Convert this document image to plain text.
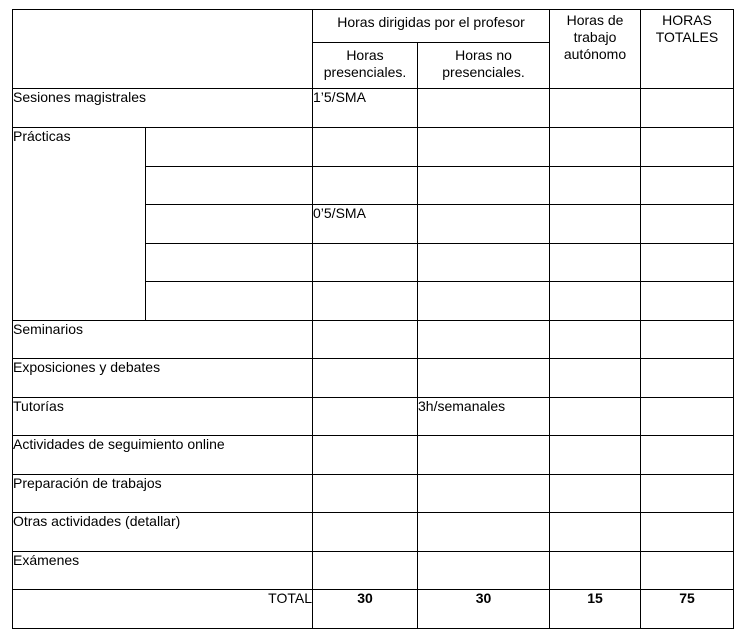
		Horas dirigidas por el profesor		Horas de trabajo autónomo	HORAS TOTALES
		Horas presenciales.	Horas no presenciales.		
Sesiones magistrales		1’5/SMA			
Prácticas					

		0’5/SMA			

Seminarios					
Exposiciones y debates					
Tutorías			3h/semanales		
Actividades de seguimiento online					
Preparación de trabajos					
Otras actividades (detallar)					
Exámenes					
TOTAL		30	30	15	75
